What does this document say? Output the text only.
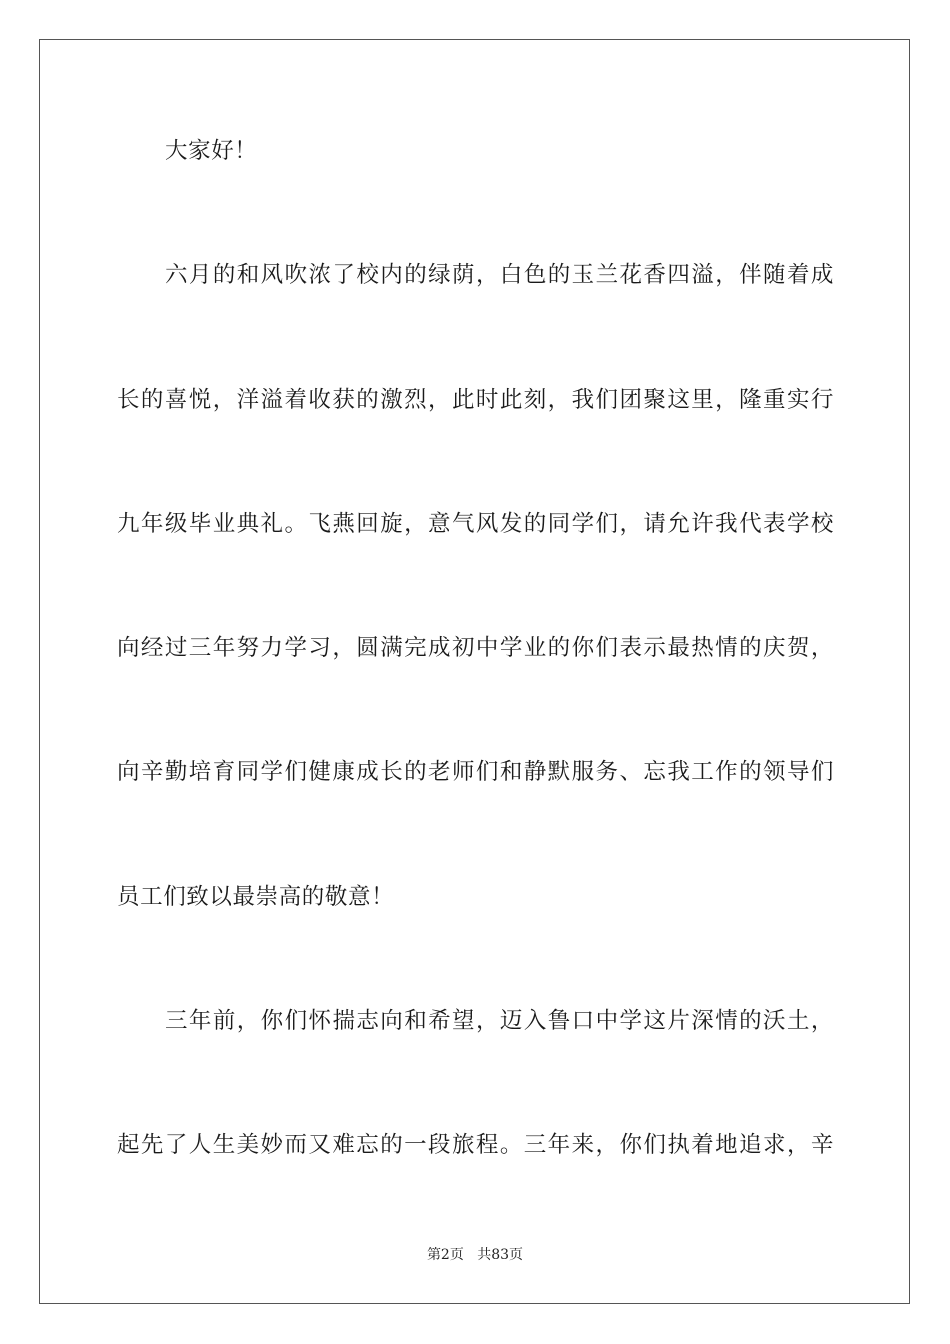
大家好！
六月的和风吹浓了校内的绿荫，白色的玉兰花香四溢，伴随着成
长的喜悦，洋溢着收获的激烈，此时此刻，我们团聚这里，隆重实行
九年级毕业典礼。飞燕回旋，意气风发的同学们，请允许我代表学校
向经过三年努力学习，圆满完成初中学业的你们表示最热情的庆贺，
向辛勤培育同学们健康成长的老师们和静默服务、忘我工作的领导们
员工们致以最崇高的敬意！
三年前，你们怀揣志向和希望，迈入鲁口中学这片深情的沃土，
起先了人生美妙而又难忘的一段旅程。三年来，你们执着地追求，辛
第2页 共83页
